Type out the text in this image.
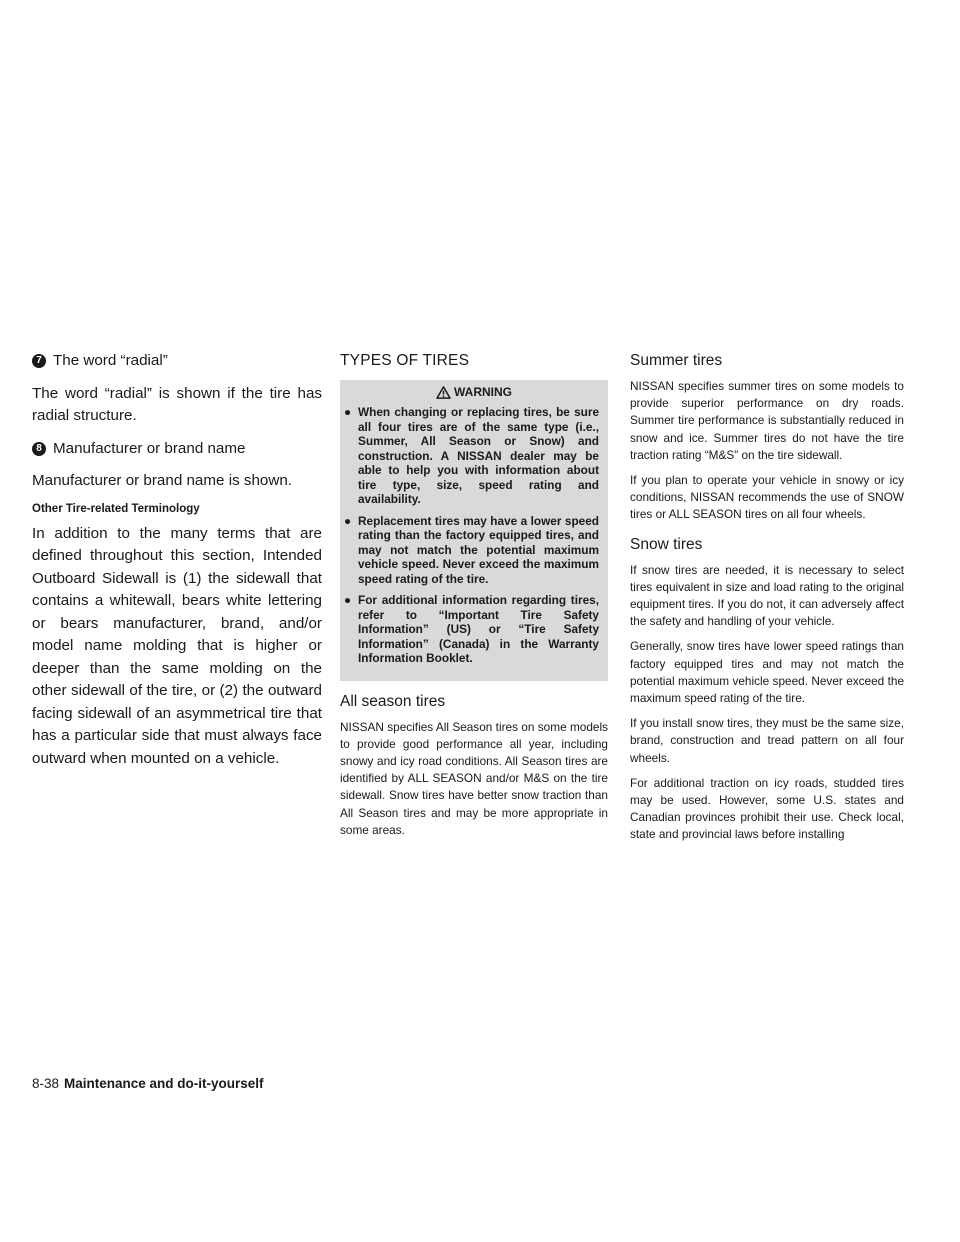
7 The word “radial”

The word “radial” is shown if the tire has radial structure.

8 Manufacturer or brand name

Manufacturer or brand name is shown.

Other Tire-related Terminology

In addition to the many terms that are defined throughout this section, Intended Outboard Sidewall is (1) the sidewall that contains a whitewall, bears white lettering or bears manufacturer, brand, and/or model name molding that is higher or deeper than the same molding on the other sidewall of the tire, or (2) the outward facing sidewall of an asymmetrical tire that has a particular side that must always face outward when mounted on a vehicle.

TYPES OF TIRES
WARNING
● When changing or replacing tires, be sure all four tires are of the same type (i.e., Summer, All Season or Snow) and construction. A NISSAN dealer may be able to help you with information about tire type, size, speed rating and availability.
● Replacement tires may have a lower speed rating than the factory equipped tires, and may not match the potential maximum vehicle speed. Never exceed the maximum speed rating of the tire.
● For additional information regarding tires, refer to “Important Tire Safety Information” (US) or “Tire Safety Information” (Canada) in the Warranty Information Booklet.
All season tires

NISSAN specifies All Season tires on some models to provide good performance all year, including snowy and icy road conditions. All Season tires are identified by ALL SEASON and/or M&S on the tire sidewall. Snow tires have better snow traction than All Season tires and may be more appropriate in some areas.

Summer tires

NISSAN specifies summer tires on some models to provide superior performance on dry roads. Summer tire performance is substantially reduced in snow and ice. Summer tires do not have the tire traction rating “M&S” on the tire sidewall.

If you plan to operate your vehicle in snowy or icy conditions, NISSAN recommends the use of SNOW tires or ALL SEASON tires on all four wheels.

Snow tires

If snow tires are needed, it is necessary to select tires equivalent in size and load rating to the original equipment tires. If you do not, it can adversely affect the safety and handling of your vehicle.

Generally, snow tires have lower speed ratings than factory equipped tires and may not match the potential maximum vehicle speed. Never exceed the maximum speed rating of the tire.

If you install snow tires, they must be the same size, brand, construction and tread pattern on all four wheels.

For additional traction on icy roads, studded tires may be used. However, some U.S. states and Canadian provinces prohibit their use. Check local, state and provincial laws before installing

8-38 Maintenance and do-it-yourself
